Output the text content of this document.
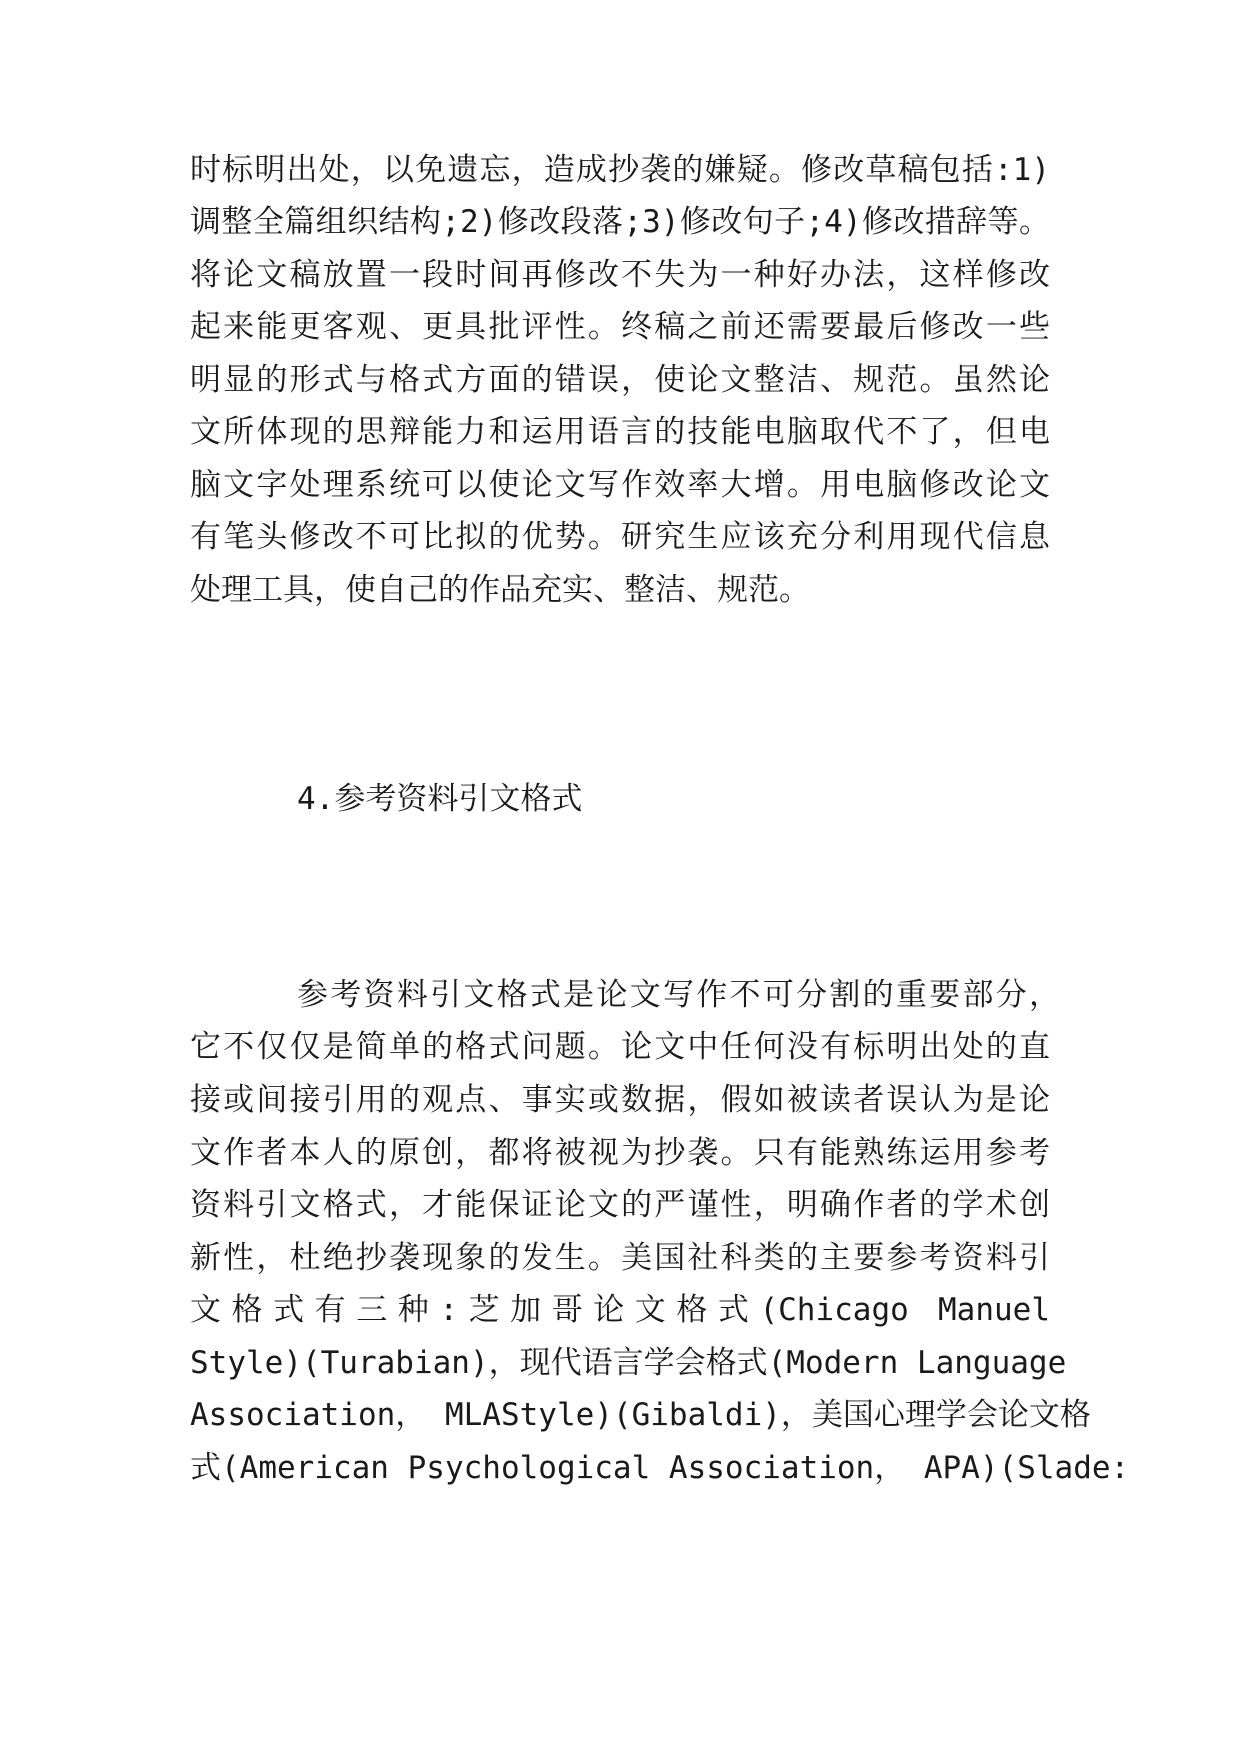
时标明出处，以免遗忘，造成抄袭的嫌疑。修改草稿包括:1)
调整全篇组织结构;2)修改段落;3)修改句子;4)修改措辞等。
将论文稿放置一段时间再修改不失为一种好办法，这样修改
起来能更客观、更具批评性。终稿之前还需要最后修改一些
明显的形式与格式方面的错误，使论文整洁、规范。虽然论
文所体现的思辩能力和运用语言的技能电脑取代不了，但电
脑文字处理系统可以使论文写作效率大增。用电脑修改论文
有笔头修改不可比拟的优势。研究生应该充分利用现代信息
处理工具，使自己的作品充实、整洁、规范。
4.参考资料引文格式
参考资料引文格式是论文写作不可分割的重要部分，
它不仅仅是简单的格式问题。论文中任何没有标明出处的直
接或间接引用的观点、事实或数据，假如被读者误认为是论
文作者本人的原创，都将被视为抄袭。只有能熟练运用参考
资料引文格式，才能保证论文的严谨性，明确作者的学术创
新性，杜绝抄袭现象的发生。美国社科类的主要参考资料引
文格式有三种:芝加哥论文格式(Chicago Manuel
Style)(Turabian)，现代语言学会格式(Modern Language
Association， MLAStyle)(Gibaldi)，美国心理学会论文格
式(American Psychological Association， APA)(Slade:
